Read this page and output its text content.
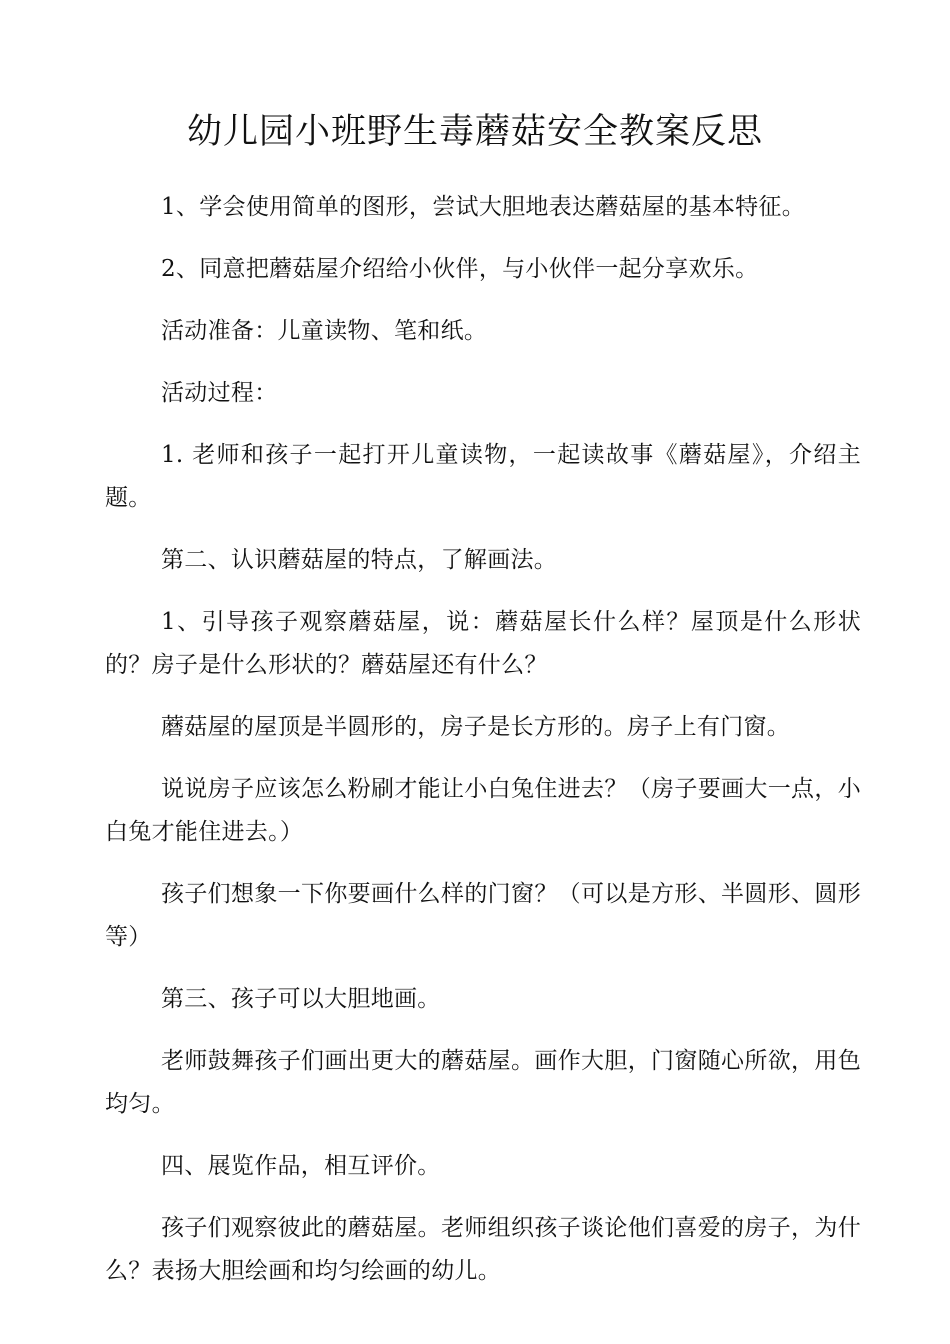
幼儿园小班野生毒蘑菇安全教案反思

1、学会使用简单的图形，尝试大胆地表达蘑菇屋的基本特征。

2、同意把蘑菇屋介绍给小伙伴，与小伙伴一起分享欢乐。

活动准备：儿童读物、笔和纸。

活动过程：

1. 老师和孩子一起打开儿童读物，一起读故事《蘑菇屋》，介绍主题。

第二、认识蘑菇屋的特点，了解画法。

1、引导孩子观察蘑菇屋，说：蘑菇屋长什么样？屋顶是什么形状的？房子是什么形状的？蘑菇屋还有什么？

蘑菇屋的屋顶是半圆形的，房子是长方形的。房子上有门窗。

说说房子应该怎么粉刷才能让小白兔住进去？（房子要画大一点，小白兔才能住进去。）

孩子们想象一下你要画什么样的门窗？（可以是方形、半圆形、圆形等）

第三、孩子可以大胆地画。

老师鼓舞孩子们画出更大的蘑菇屋。画作大胆，门窗随心所欲，用色均匀。

四、展览作品，相互评价。

孩子们观察彼此的蘑菇屋。老师组织孩子谈论他们喜爱的房子，为什么？表扬大胆绘画和均匀绘画的幼儿。
